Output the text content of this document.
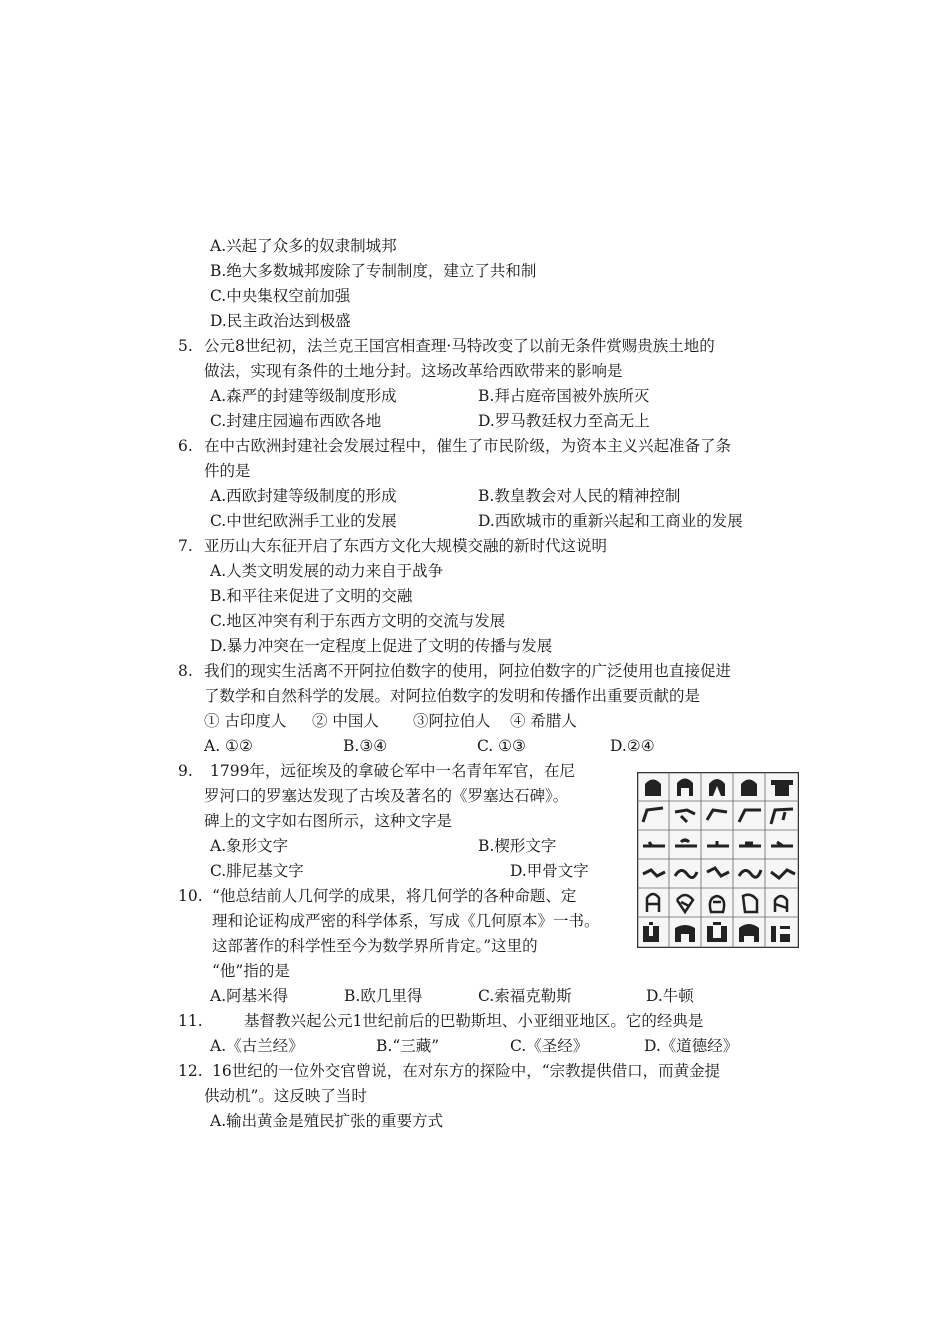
A.兴起了众多的奴隶制城邦
B.绝大多数城邦废除了专制制度，建立了共和制
C.中央集权空前加强
D.民主政治达到极盛
5. 公元8世纪初，法兰克王国宫相查理·马特改变了以前无条件赏赐贵族土地的
做法，实现有条件的土地分封。这场改革给西欧带来的影响是
A.森严的封建等级制度形成	B.拜占庭帝国被外族所灭
C.封建庄园遍布西欧各地	D.罗马教廷权力至高无上
6. 在中古欧洲封建社会发展过程中，催生了市民阶级，为资本主义兴起准备了条
件的是
A.西欧封建等级制度的形成	B.教皇教会对人民的精神控制
C.中世纪欧洲手工业的发展	D.西欧城市的重新兴起和工商业的发展
7. 亚历山大东征开启了东西方文化大规模交融的新时代这说明
A.人类文明发展的动力来自于战争
B.和平往来促进了文明的交融
C.地区冲突有利于东西方文明的交流与发展
D.暴力冲突在一定程度上促进了文明的传播与发展
8. 我们的现实生活离不开阿拉伯数字的使用，阿拉伯数字的广泛使用也直接促进
了数学和自然科学的发展。对阿拉伯数字的发明和传播作出重要贡献的是
① 古印度人 ② 中国人 ③阿拉伯人 ④ 希腊人
A. ①②	B.③④	C. ①③	D.②④
9. 1799年，远征埃及的拿破仑军中一名青年军官，在尼
罗河口的罗塞达发现了古埃及著名的《罗塞达石碑》。
碑上的文字如右图所示，这种文字是
A.象形文字	B.楔形文字
C.腓尼基文字	D.甲骨文字
10. “他总结前人几何学的成果，将几何学的各种命题、定
理和论证构成严密的科学体系，写成《几何原本》一书。
这部著作的科学性至今为数学界所肯定。”这里的
“他”指的是
A.阿基米得	B.欧几里得	C.索福克勒斯	D.牛顿
11.	基督教兴起公元1世纪前后的巴勒斯坦、小亚细亚地区。它的经典是
A.《古兰经》	B.“三藏”	C.《圣经》	D.《道德经》
12. 16世纪的一位外交官曾说，在对东方的探险中，“宗教提供借口，而黄金提
供动机”。这反映了当时
A.输出黄金是殖民扩张的重要方式
